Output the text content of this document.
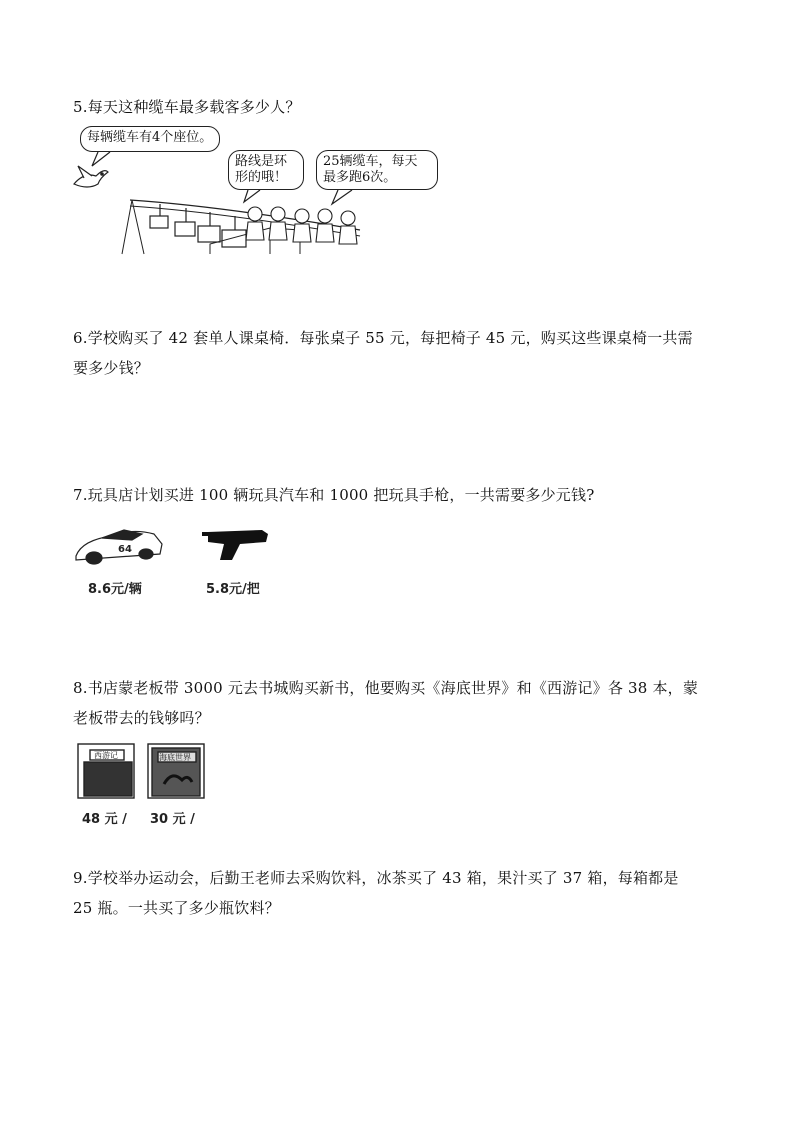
5.每天这种缆车最多载客多少人？

每辆缆车有4个座位。
路线是环
形的哦！
25辆缆车，每天
最多跑6次。

6.学校购买了 42 套单人课桌椅．每张桌子 55 元，每把椅子 45 元，购买这些课桌椅一共需

要多少钱？

7.玩具店计划买进 100 辆玩具汽车和 1000 把玩具手枪，一共需要多少元钱?

64
8.6元/辆	5.8元/把

8.书店蒙老板带 3000 元去书城购买新书，他要购买《海底世界》和《西游记》各 38 本，蒙

老板带去的钱够吗？

西游记	海底世界
48 元 / 30 元 /

9.学校举办运动会，后勤王老师去采购饮料，冰茶买了 43 箱，果汁买了 37 箱，每箱都是

25 瓶。一共买了多少瓶饮料？
